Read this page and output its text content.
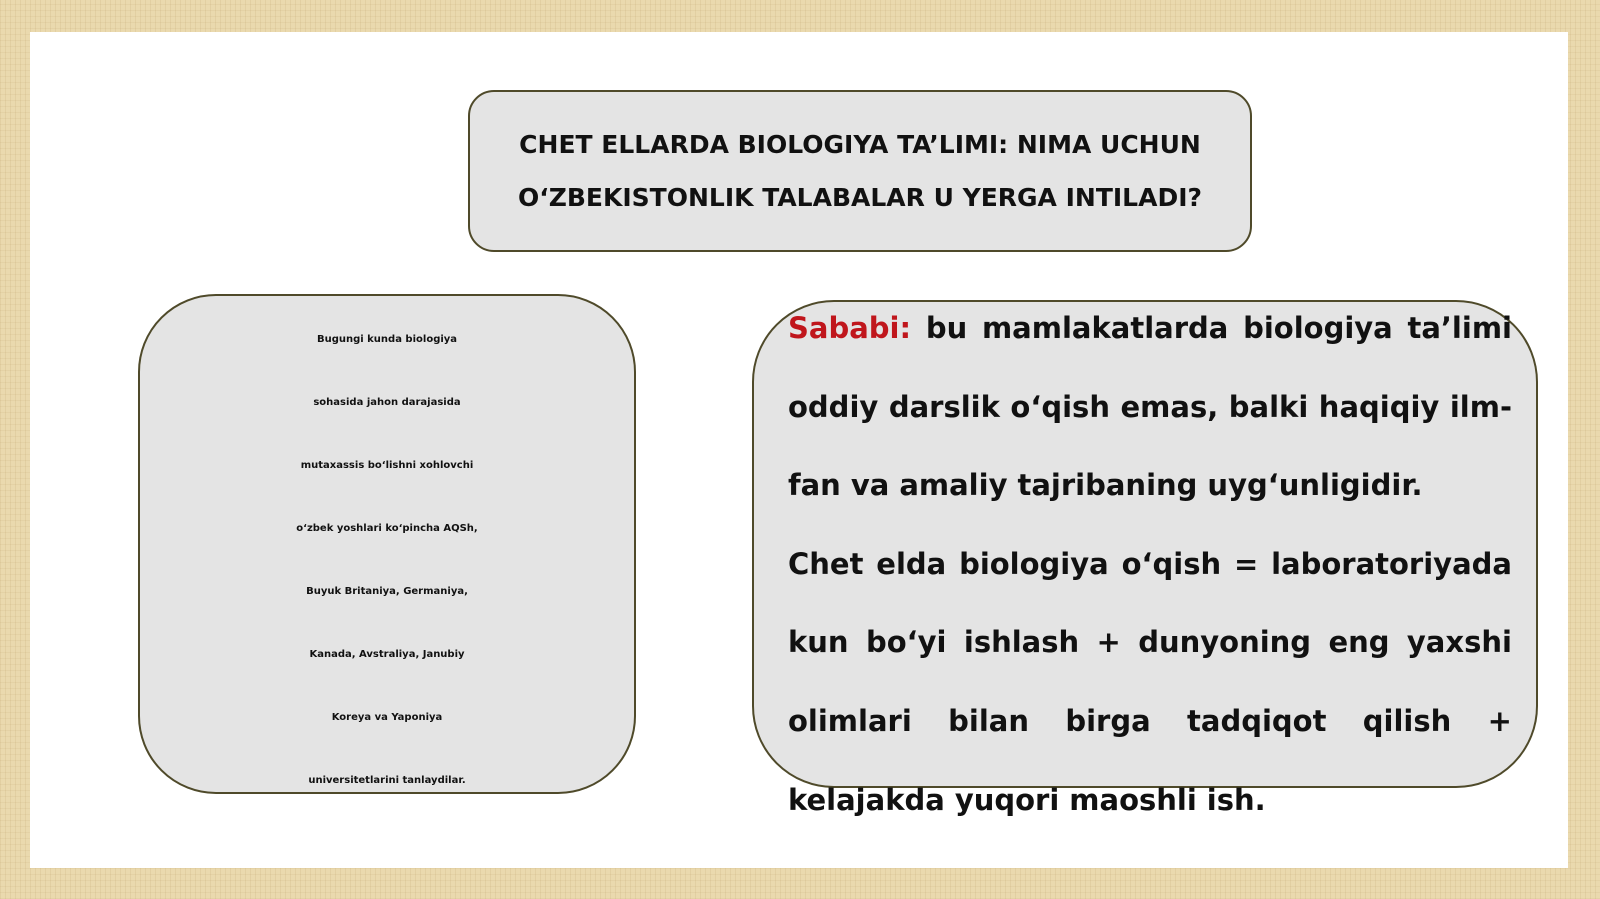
CHET ELLARDA BIOLOGIYA TA’LIMI: NIMA UCHUN
O‘ZBEKISTONLIK TALABALAR U YERGA INTILADI?
Bugungi kunda biologiya
sohasida jahon darajasida
mutaxassis bo‘lishni xohlovchi
o‘zbek yoshlari ko‘pincha AQSh,
Buyuk Britaniya, Germaniya,
Kanada, Avstraliya, Janubiy
Koreya va Yaponiya
universitetlarini tanlaydilar.
Sababi: bu mamlakatlarda biologiya ta’limi
oddiy darslik o‘qish emas, balki haqiqiy ilm-
fan va amaliy tajribaning uyg‘unligidir.
Chet elda biologiya o‘qish = laboratoriyada
kun bo‘yi ishlash + dunyoning eng yaxshi
olimlari bilan birga tadqiqot qilish +
kelajakda yuqori maoshli ish.
